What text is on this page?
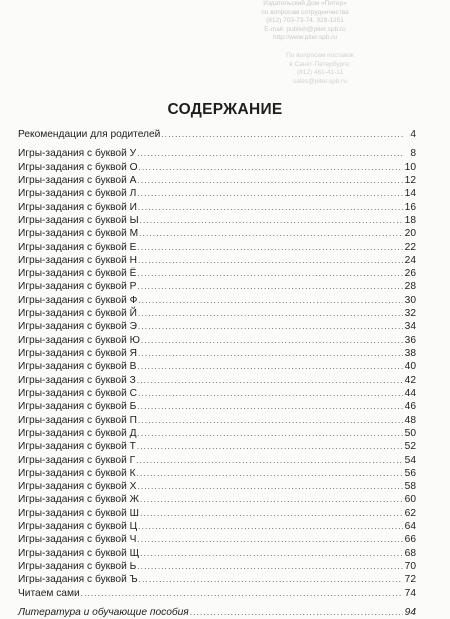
Издательский Дом «Питер»
по вопросам сотрудничества
(812) 703-73-74, 328-1251
E-mail: publish@piter.spb.ru
http://www.piter.spb.ru
По вопросам поставок
в Санкт-Петербурге:
(812) 461-41-11
sales@piter.spb.ru
СОДЕРЖАНИЕ
Рекомендации для родителей .....	4
Игры-задания с буквой У .....	8
Игры-задания с буквой О .....	10
Игры-задания с буквой А .....	12
Игры-задания с буквой Л .....	14
Игры-задания с буквой И .....	16
Игры-задания с буквой Ы .....	18
Игры-задания с буквой М .....	20
Игры-задания с буквой Е .....	22
Игры-задания с буквой Н .....	24
Игры-задания с буквой Ё .....	26
Игры-задания с буквой Р .....	28
Игры-задания с буквой Ф .....	30
Игры-задания с буквой Й .....	32
Игры-задания с буквой Э .....	34
Игры-задания с буквой Ю .....	36
Игры-задания с буквой Я .....	38
Игры-задания с буквой В .....	40
Игры-задания с буквой З .....	42
Игры-задания с буквой С .....	44
Игры-задания с буквой Б .....	46
Игры-задания с буквой П .....	48
Игры-задания с буквой Д .....	50
Игры-задания с буквой Т .....	52
Игры-задания с буквой Г .....	54
Игры-задания с буквой К .....	56
Игры-задания с буквой Х .....	58
Игры-задания с буквой Ж .....	60
Игры-задания с буквой Ш .....	62
Игры-задания с буквой Ц .....	64
Игры-задания с буквой Ч .....	66
Игры-задания с буквой Щ .....	68
Игры-задания с буквой Ь .....	70
Игры-задания с буквой Ъ .....	72
Читаем сами .....	74
Литература и обучающие пособия .....	94
